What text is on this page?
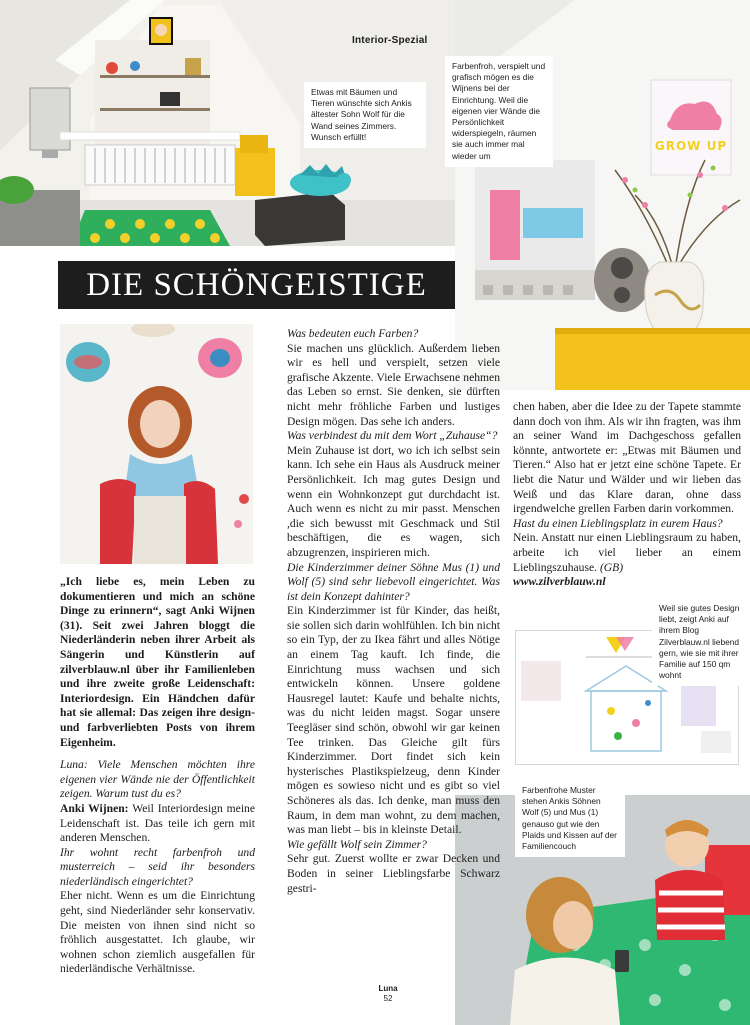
GROW UP
Interior-Spezial
DIE SCHÖNGEISTIGE
Etwas mit Bäumen und Tieren wünschte sich Ankis ältester Sohn Wolf für die Wand seines Zimmers. Wunsch erfüllt!
Farbenfroh, verspielt und grafisch mögen es die Wijnens bei der Einrichtung. Weil die eigenen vier Wände die Persönlichkeit widerspiegeln, räumen sie auch immer mal wieder um
Weil sie gutes Design liebt, zeigt Anki auf ihrem Blog Zilverblauw.nl liebend gern, wie sie mit ihrer Familie auf 150 qm wohnt
Farbenfrohe Muster stehen Ankis Söhnen Wolf (5) und Mus (1) genauso gut wie den Plaids und Kissen auf der Familiencouch

„Ich liebe es, mein Leben zu dokumentieren und mich an schöne Dinge zu erinnern“, sagt Anki Wijnen (31). Seit zwei Jahren bloggt die Niederländerin neben ihrer Arbeit als Sängerin und Künstlerin auf zilverblauw.nl über ihr Familienleben und ihre zweite große Leidenschaft: Interiordesign. Ein Händchen dafür hat sie allemal: Das zeigen ihre design- und farbverliebten Posts von ihrem Eigenheim.

Luna: Viele Menschen möchten ihre eigenen vier Wände nie der Öffentlichkeit zeigen. Warum tust du es?

Anki Wijnen: Weil Interiordesign meine Leidenschaft ist. Das teile ich gern mit anderen Menschen.

Ihr wohnt recht farbenfroh und musterreich – seid ihr besonders niederländisch eingerichtet?

Eher nicht. Wenn es um die Einrichtung geht, sind Niederländer sehr konservativ. Die meisten von ihnen sind nicht so fröhlich ausgestattet. Ich glaube, wir wohnen schon ziemlich ausgefallen für niederländische Verhältnisse.

Was bedeuten euch Farben?

Sie machen uns glücklich. Außerdem lieben wir es hell und verspielt, setzen viele grafische Akzente. Viele Erwachsene nehmen das Leben so ernst. Sie denken, sie dürften nicht mehr fröhliche Farben und lustiges Design mögen. Das sehe ich anders.

Was verbindest du mit dem Wort „Zuhause“?

Mein Zuhause ist dort, wo ich ich selbst sein kann. Ich sehe ein Haus als Ausdruck meiner Persönlichkeit. Ich mag gutes Design und wenn ein Wohnkonzept gut durchdacht ist. Auch wenn es nicht zu mir passt. Menschen ,die sich bewusst mit Geschmack und Stil beschäftigen, die es wagen, sich abzugrenzen, inspirieren mich.

Die Kinderzimmer deiner Söhne Mus (1) und Wolf (5) sind sehr liebevoll eingerichtet. Was ist dein Konzept dahinter?

Ein Kinderzimmer ist für Kinder, das heißt, sie sollen sich darin wohlfühlen. Ich bin nicht so ein Typ, der zu Ikea fährt und alles Nötige an einem Tag kauft. Ich finde, die Einrichtung muss wachsen und sich entwickeln können. Unsere goldene Hausregel lautet: Kaufe und behalte nichts, was du nicht leiden magst. Sogar unsere Teegläser sind schön, obwohl wir gar keinen Tee trinken. Das Gleiche gilt fürs Kinderzimmer. Dort findet sich kein hysterisches Plastikspielzeug, denn Kinder mögen es sowieso nicht und es gibt so viel Schöneres als das. Ich denke, man muss den Raum, in dem man wohnt, zu dem machen, was man liebt – bis in kleinste Detail.

Wie gefällt Wolf sein Zimmer?

Sehr gut. Zuerst wollte er zwar Decken und Boden in seiner Lieblingsfarbe Schwarz gestri-

chen haben, aber die Idee zu der Tapete stammte dann doch von ihm. Als wir ihn fragten, was ihm an seiner Wand im Dachgeschoss gefallen könnte, antwortete er: „Etwas mit Bäumen und Tieren.“ Also hat er jetzt eine schöne Tapete. Er liebt die Natur und Wälder und wir lieben das Weiß und das Klare daran, ohne dass irgendwelche grellen Farben darin vorkommen.

Hast du einen Lieblingsplatz in eurem Haus?

Nein. Anstatt nur einen Lieblingsraum zu haben, arbeite ich viel lieber an einem Lieblingszuhause. (GB)

www.zilverblauw.nl

Luna
52
